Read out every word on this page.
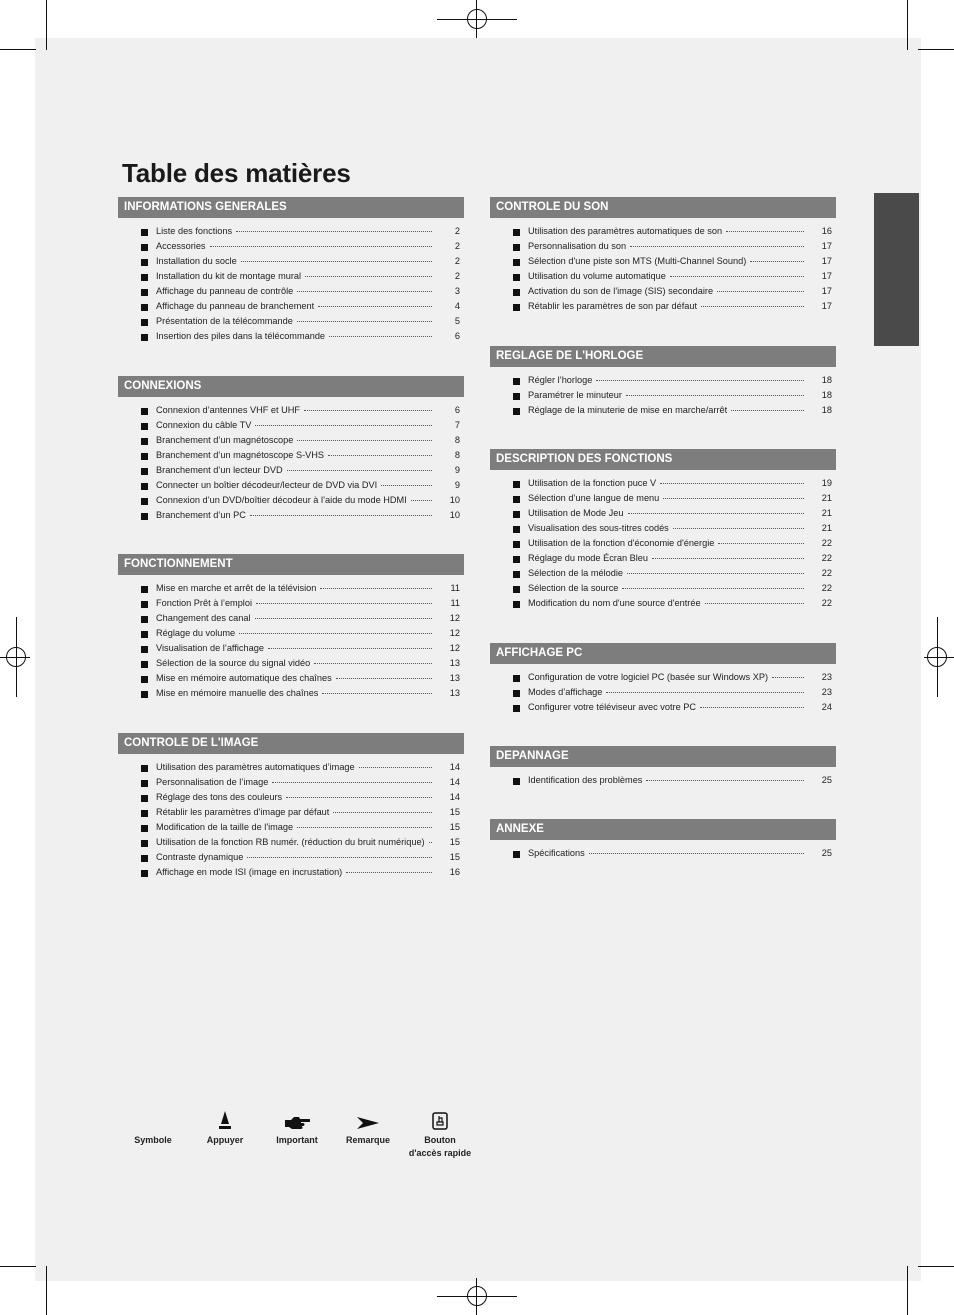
Table des matières
INFORMATIONS GENERALES
Liste des fonctions	2
Accessories	2
Installation du socle	2
Installation du kit de montage mural	2
Affichage du panneau de contrôle	3
Affichage du panneau de branchement	4
Présentation de la télécommande	5
Insertion des piles dans la télécommande	6
CONNEXIONS
Connexion d’antennes VHF et UHF	6
Connexion du câble TV	7
Branchement d’un magnétoscope	8
Branchement d’un magnétoscope S-VHS	8
Branchement d’un lecteur DVD	9
Connecter un boîtier décodeur/lecteur de DVD via DVI	9
Connexion d’un DVD/boîtier décodeur à l’aide du mode HDMI	10
Branchement d’un PC	10
FONCTIONNEMENT
Mise en marche et arrêt de la télévision	11
Fonction Prêt à l’emploi	11
Changement des canal	12
Réglage du volume	12
Visualisation de l’affichage	12
Sélection de la source du signal vidéo	13
Mise en mémoire automatique des chaînes	13
Mise en mémoire manuelle des chaînes	13
CONTROLE DE L'IMAGE
Utilisation des paramètres automatiques d’image	14
Personnalisation de l’image	14
Réglage des tons des couleurs	14
Rétablir les paramètres d'image par défaut	15
Modification de la taille de l'image	15
Utilisation de la fonction RB numér. (réduction du bruit numérique)	15
Contraste dynamique	15
Affichage en mode ISI (image en incrustation)	16
CONTROLE DU SON
Utilisation des paramètres automatiques de son	16
Personnalisation du son	17
Sélection d'une piste son MTS (Multi-Channel Sound)	17
Utilisation du volume automatique	17
Activation du son de l'image (SIS) secondaire	17
Rétablir les paramètres de son par défaut	17
REGLAGE DE L'HORLOGE
Régler l’horloge	18
Paramétrer le minuteur	18
Réglage de la minuterie de mise en marche/arrêt	18
DESCRIPTION DES FONCTIONS
Utilisation de la fonction puce V	19
Sélection d’une langue de menu	21
Utilisation de Mode Jeu	21
Visualisation des sous-titres codés	21
Utilisation de la fonction d'économie d'énergie	22
Réglage du mode Écran Bleu	22
Sélection de la mélodie	22
Sélection de la source	22
Modification du nom d'une source d'entrée	22
AFFICHAGE PC
Configuration de votre logiciel PC (basée sur Windows XP)	23
Modes d’affichage	23
Configurer votre téléviseur avec votre PC	24
DEPANNAGE
Identification des problèmes	25
ANNEXE
Spécifications	25
Symbole	Appuyer	Important	Remarque	Bouton
d'accès rapide
